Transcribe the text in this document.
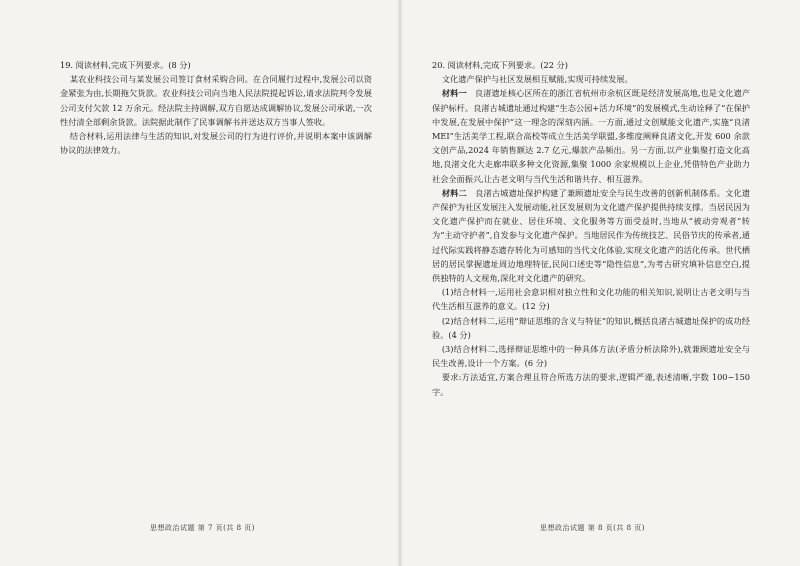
19. 阅读材料,完成下列要求。(8 分)

某农业科技公司与某发展公司签订食材采购合同。在合同履行过程中,发展公司以资金紧张为由,长期拖欠货款。农业科技公司向当地人民法院提起诉讼,请求法院判令发展公司支付欠款 12 万余元。经法院主持调解,双方自愿达成调解协议,发展公司承诺,一次性付清全部剩余货款。法院据此制作了民事调解书并送达双方当事人签收。

结合材料,运用法律与生活的知识,对发展公司的行为进行评价,并说明本案中该调解协议的法律效力。

思想政治试题 第 7 页(共 8 页)

20. 阅读材料,完成下列要求。(22 分)

文化遗产保护与社区发展相互赋能,实现可持续发展。

材料一　 良渚遗址核心区所在的浙江省杭州市余杭区既是经济发展高地,也是文化遗产保护标杆。良渚古城遗址通过构建“生态公园+活力环境”的发展模式,生动诠释了“在保护中发展,在发展中保护”这一理念的深刻内涵。一方面,通过文创赋能文化遗产,实施“良渚 MEI”生活美学工程,联合高校等成立生活美学联盟,多维度阐释良渚文化,开发 600 余款文创产品,2024 年销售额达 2.7 亿元,爆款产品频出。另一方面,以产业集聚打造文化高地,良渚文化大走廊串联多种文化资源,集聚 1000 余家规模以上企业,凭借特色产业助力社会全面振兴,让古老文明与当代生活和谐共存、相互滋养。

材料二　 良渚古城遗址保护构建了兼顾遗址安全与民生改善的创新机制体系。文化遗产保护为社区发展注入发展动能,社区发展则为文化遗产保护提供持续支撑。当居民因为文化遗产保护而在就业、居住环境、文化服务等方面受益时,当地从“被动旁观者”转为“主动守护者”,自发参与文化遗产保护。当地居民作为传统技艺、民俗节庆的传承者,通过代际实践将静态遗存转化为可感知的当代文化体验,实现文化遗产的活化传承。世代栖居的居民掌握遗址周边地理特征,民间口述史等“隐性信息”,为考古研究填补信息空白,提供独特的人文视角,深化对文化遗产的研究。

(1)结合材料一,运用社会意识相对独立性和文化功能的相关知识,说明让古老文明与当代生活相互滋养的意义。(12 分)

(2)结合材料二,运用“辩证思维的含义与特征”的知识,概括良渚古城遗址保护的成功经验。(4 分)

(3)结合材料二,选择辩证思维中的一种具体方法(矛盾分析法除外),就兼顾遗址安全与民生改善,设计一个方案。(6 分)

要求:方法适宜,方案合理且符合所选方法的要求,逻辑严谨,表述清晰,字数 100~150 字。

思想政治试题 第 8 页(共 8 页)
